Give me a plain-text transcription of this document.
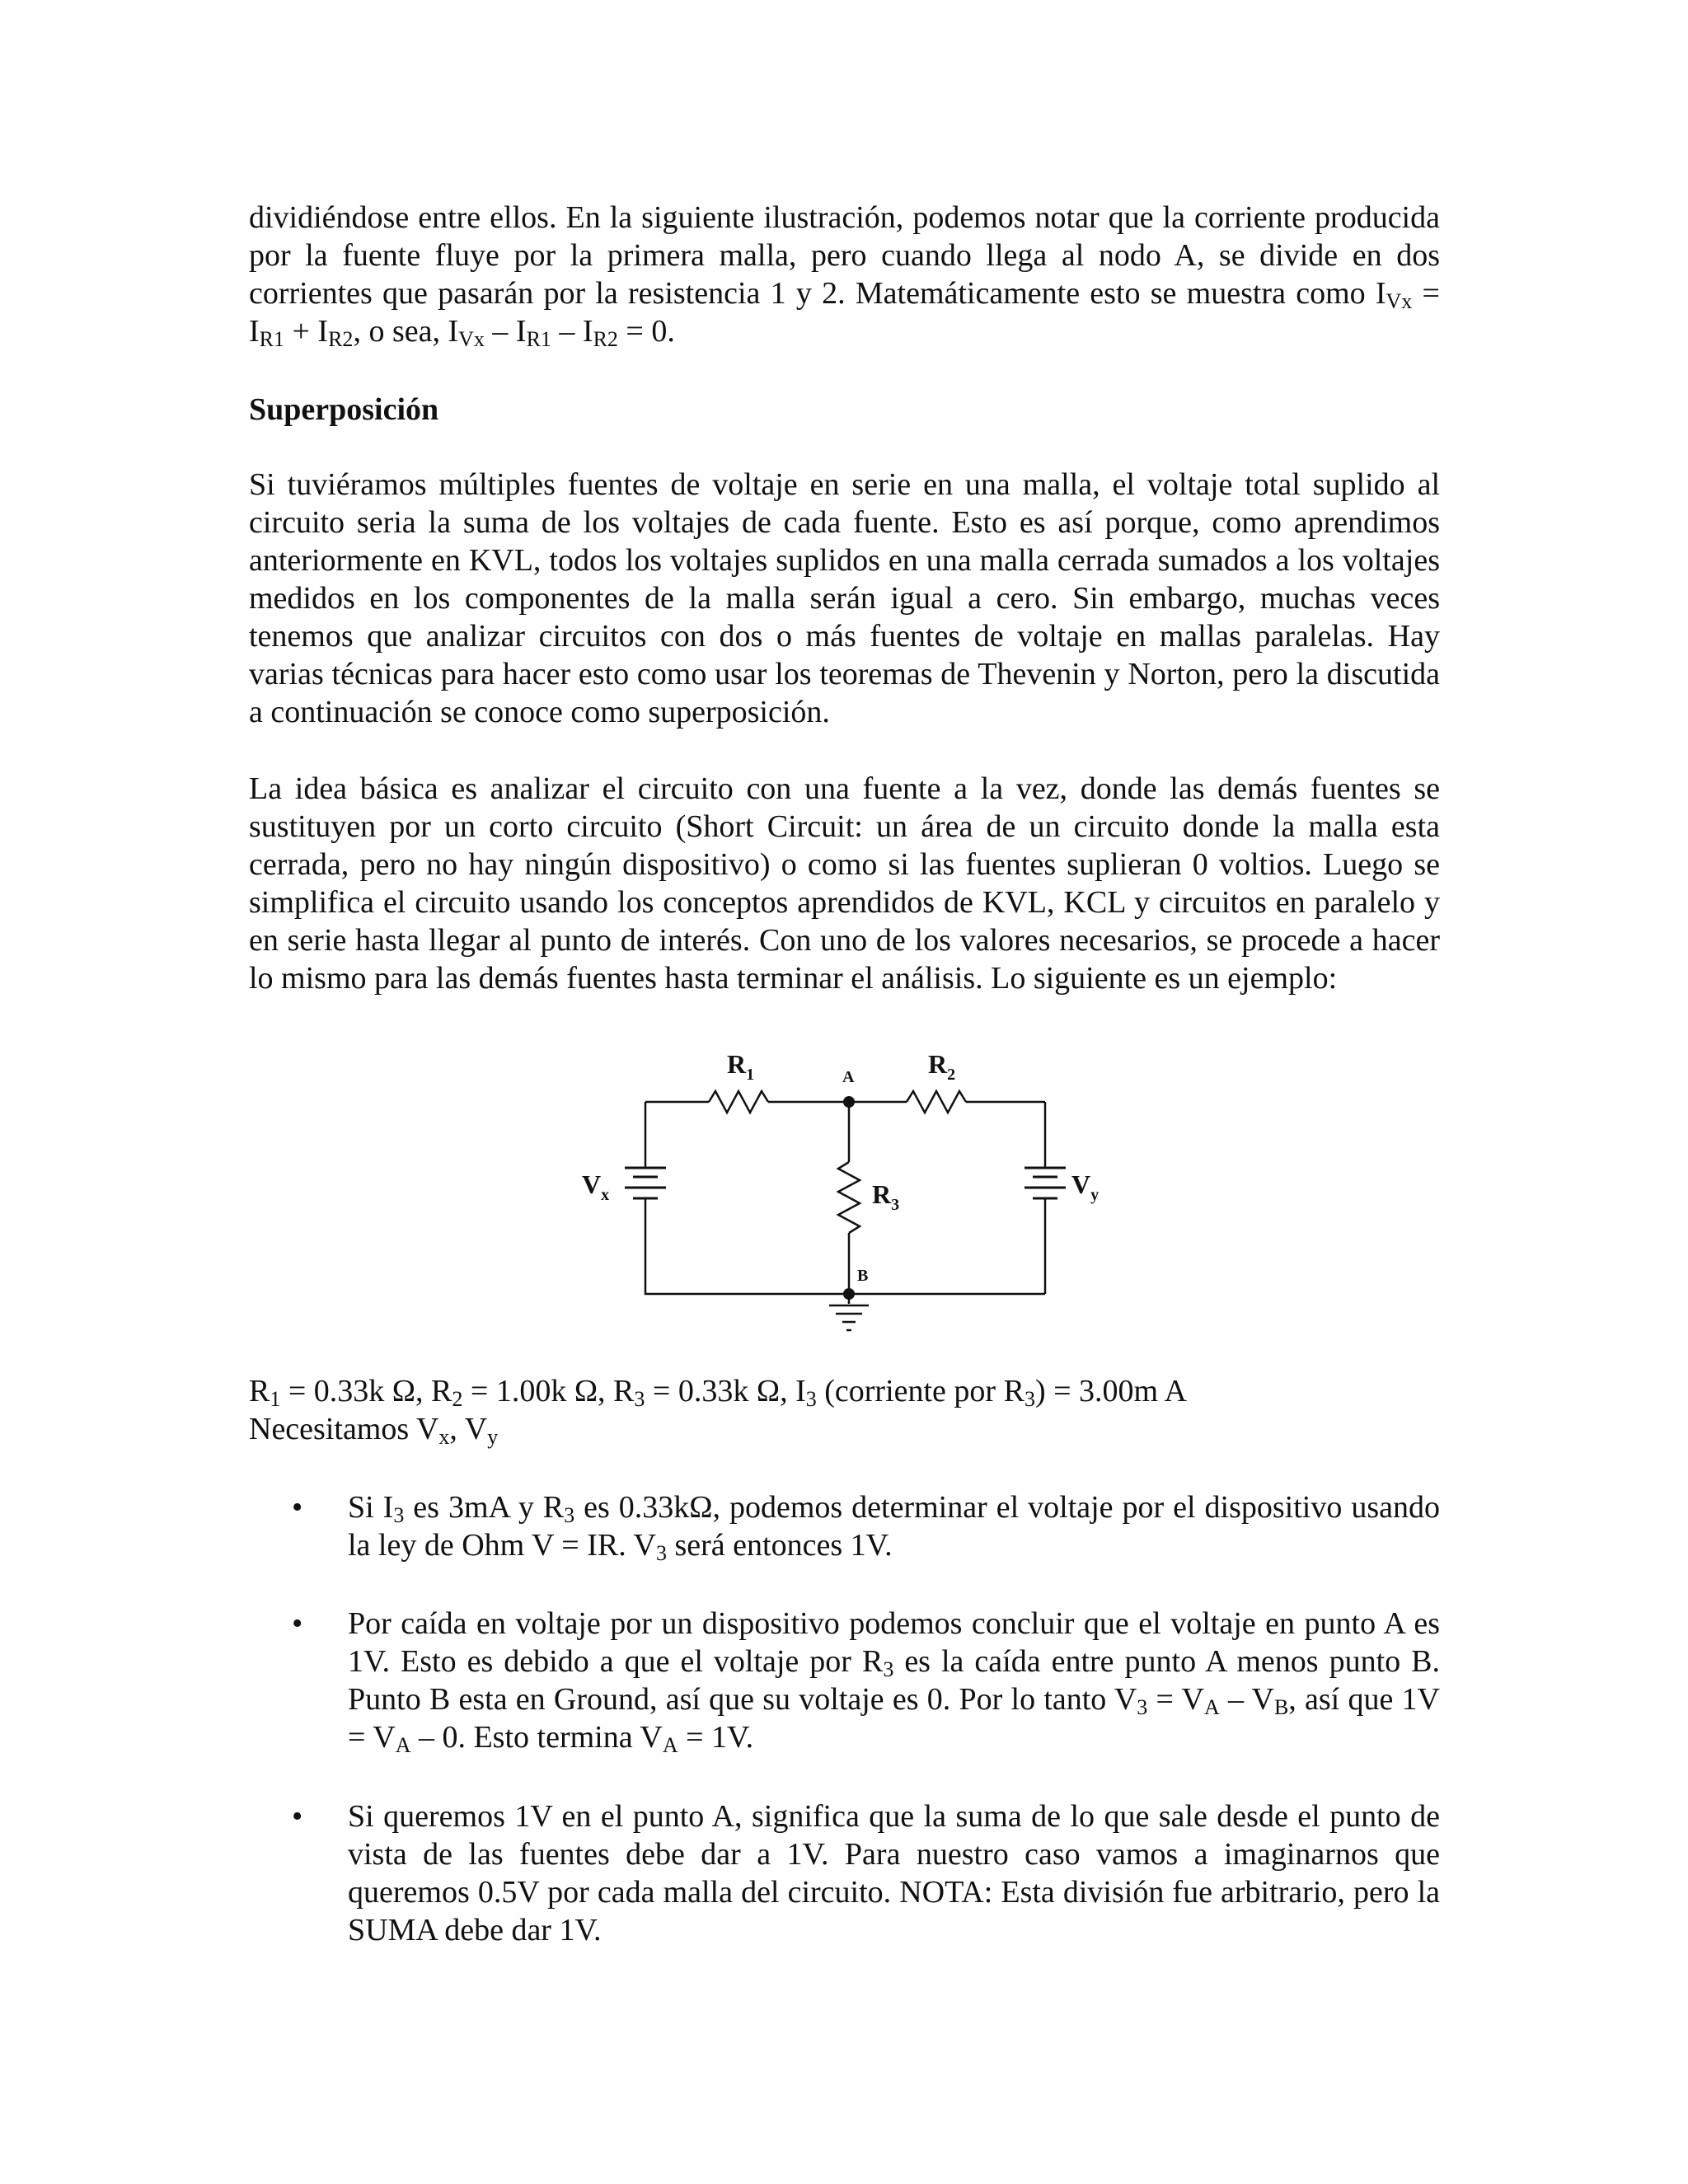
dividiéndose entre ellos. En la siguiente ilustración, podemos notar que la corriente producida por la fuente fluye por la primera malla, pero cuando llega al nodo A, se divide en dos corrientes que pasarán por la resistencia 1 y 2. Matemáticamente esto se muestra como $I_{Vx} = I_{R1} + I_{R2}$, o sea, $I_{Vx} - I_{R1} - I_{R2} = 0$.
Superposición
Si tuviéramos múltiples fuentes de voltaje en serie en una malla, el voltaje total suplido al circuito seria la suma de los voltajes de cada fuente. Esto es así porque, como aprendimos anteriormente en KVL, todos los voltajes suplidos en una malla cerrada sumados a los voltajes medidos en los componentes de la malla serán igual a cero. Sin embargo, muchas veces tenemos que analizar circuitos con dos o más fuentes de voltaje en mallas paralelas. Hay varias técnicas para hacer esto como usar los teoremas de Thevenin y Norton, pero la discutida a continuación se conoce como superposición.
La idea básica es analizar el circuito con una fuente a la vez, donde las demás fuentes se sustituyen por un corto circuito (Short Circuit: un área de un circuito donde la malla esta cerrada, pero no hay ningún dispositivo) o como si las fuentes suplieran 0 voltios. Luego se simplifica el circuito usando los conceptos aprendidos de KVL, KCL y circuitos en paralelo y en serie hasta llegar al punto de interés. Con uno de los valores necesarios, se procede a hacer lo mismo para las demás fuentes hasta terminar el análisis. Lo siguiente es un ejemplo:
$R_1$	A	$R_2$
$R_3$
B
$V_x$	$V_y$
$R_1 = 0.33k$ Ω, $R_2 = 1.00k$ Ω, $R_3 = 0.33k$ Ω, $I_3$ (corriente por $R_3) = 3.00m$ A
Necesitamos $V_x$, $V_y$
• Si $I_3$ es 3mA y $R_3$ es 0.33kΩ, podemos determinar el voltaje por el dispositivo usando la ley de Ohm V = IR. $V_3$ será entonces 1V.
• Por caída en voltaje por un dispositivo podemos concluir que el voltaje en punto A es 1V. Esto es debido a que el voltaje por $R_3$ es la caída entre punto A menos punto B. Punto B esta en Ground, así que su voltaje es 0. Por lo tanto $V_3 = V_A - V_B$, así que $1V = V_A - 0$. Esto termina $V_A = 1V$.
• Si queremos 1V en el punto A, significa que la suma de lo que sale desde el punto de vista de las fuentes debe dar a 1V. Para nuestro caso vamos a imaginarnos que queremos 0.5V por cada malla del circuito. NOTA: Esta división fue arbitrario, pero la SUMA debe dar 1V.
